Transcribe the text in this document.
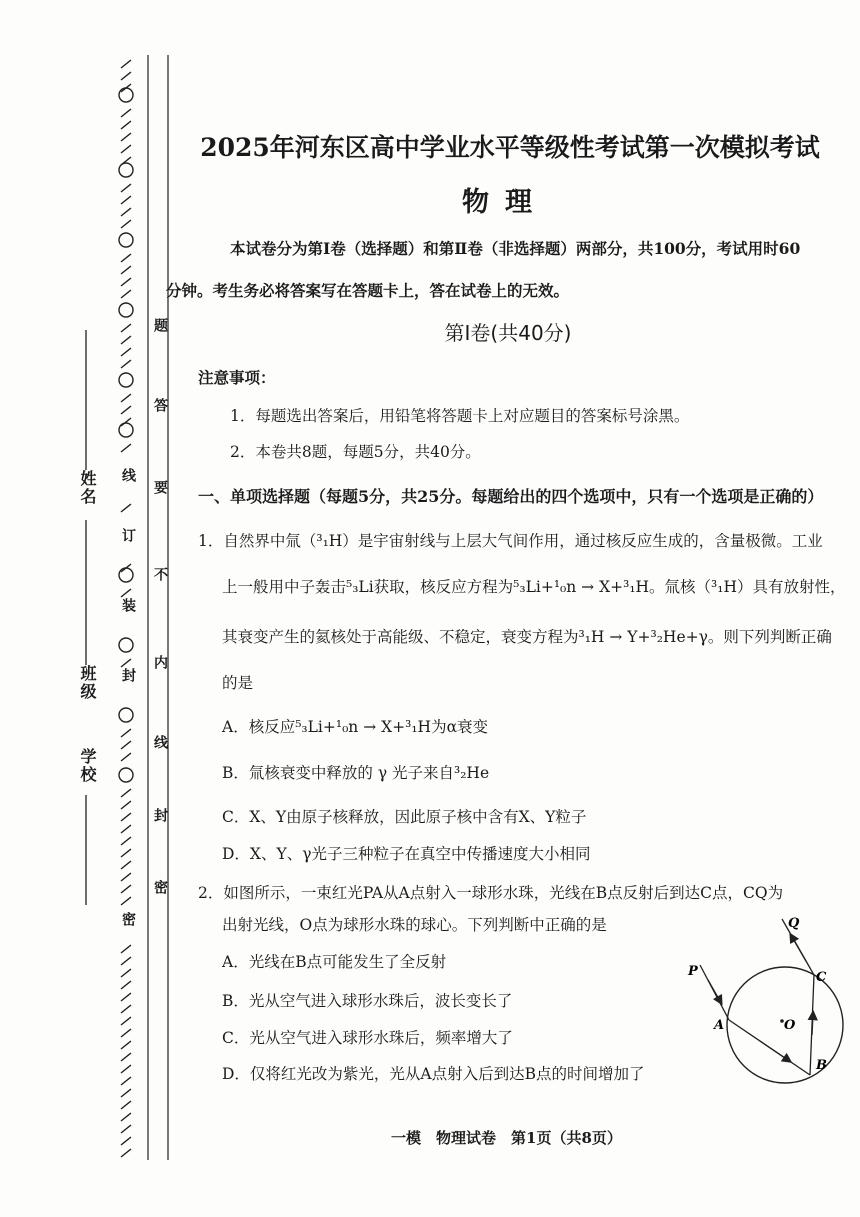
姓名
班级
学校
密
封
装
订
线
密
封
线
内
不
要
答
题
2025年河东区高中学业水平等级性考试第一次模拟考试
物理
本试卷分为第Ⅰ卷（选择题）和第Ⅱ卷（非选择题）两部分，共100分，考试用时60
分钟。考生务必将答案写在答题卡上，答在试卷上的无效。
第Ⅰ卷(共40分)
注意事项：
1．每题选出答案后，用铅笔将答题卡上对应题目的答案标号涂黑。
2．本卷共8题，每题5分，共40分。
一、单项选择题（每题5分，共25分。每题给出的四个选项中，只有一个选项是正确的）
1．自然界中氚（³₁H）是宇宙射线与上层大气间作用，通过核反应生成的，含量极微。工业
上一般用中子轰击⁵₃Li获取，核反应方程为⁵₃Li+¹₀n → X+³₁H。氚核（³₁H）具有放射性，
其衰变产生的氦核处于高能级、不稳定，衰变方程为³₁H → Y+³₂He+γ。则下列判断正确
的是
A．核反应⁵₃Li+¹₀n → X+³₁H为α衰变
B．氚核衰变中释放的 γ 光子来自³₂He
C．X、Y由原子核释放，因此原子核中含有X、Y粒子
D．X、Y、γ光子三种粒子在真空中传播速度大小相同
2．如图所示，一束红光PA从A点射入一球形水珠，光线在B点反射后到达C点，CQ为
出射光线，O点为球形水珠的球心。下列判断中正确的是
A．光线在B点可能发生了全反射
B．光从空气进入球形水珠后，波长变长了
C．光从空气进入球形水珠后，频率增大了
D．仅将红光改为紫光，光从A点射入后到达B点的时间增加了
P
Q
A
B
C
O
一模　物理试卷　第1页（共8页）
